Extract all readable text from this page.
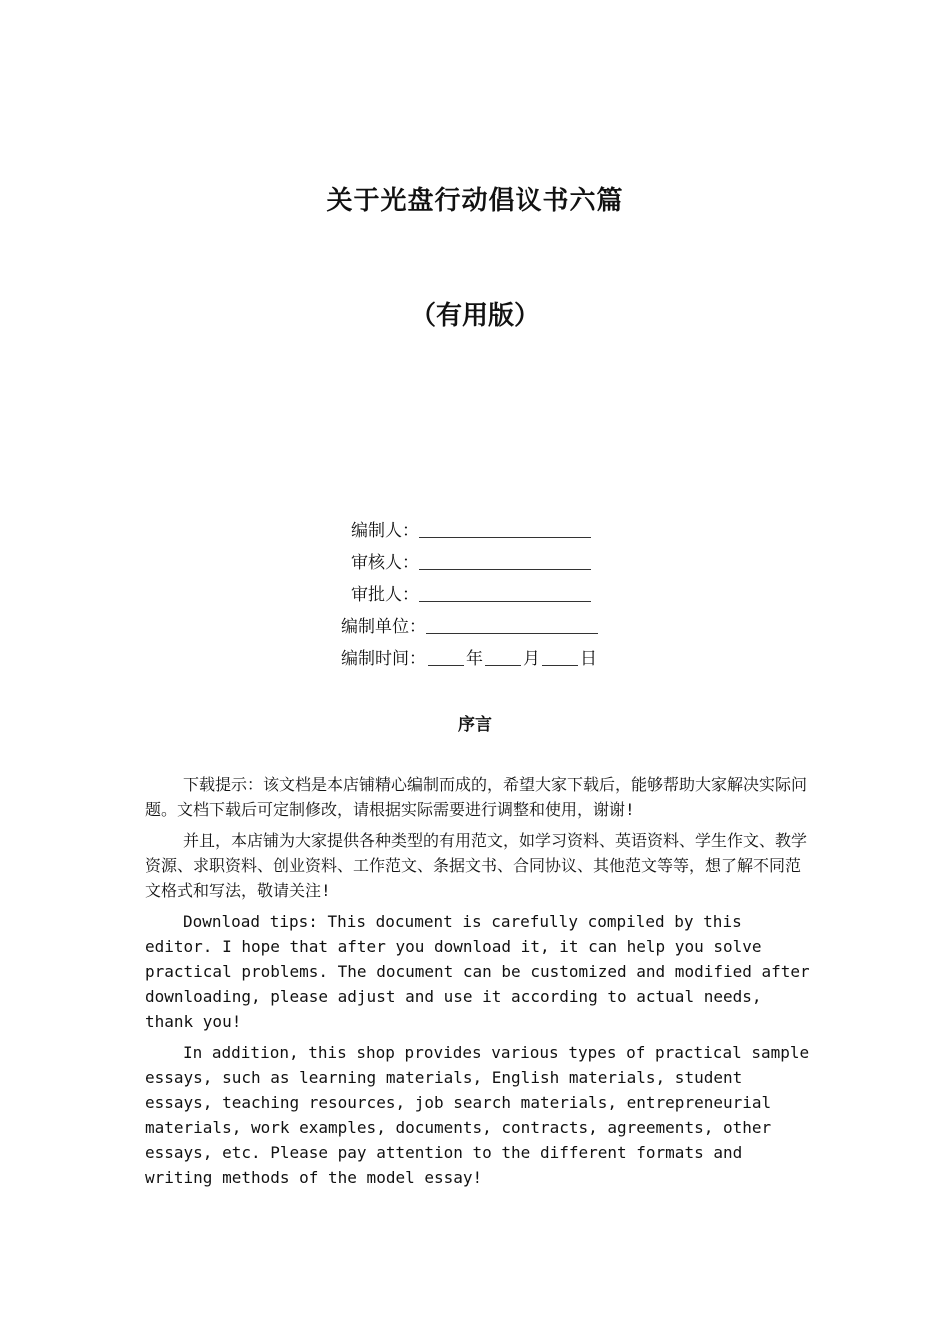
关于光盘行动倡议书六篇
（有用版）
编制人：
审核人：
审批人：
编制单位：
编制时间： 年 月 日
序言

下载提示：该文档是本店铺精心编制而成的，希望大家下载后，能够帮助大家解决实际问题。文档下载后可定制修改，请根据实际需要进行调整和使用，谢谢!

并且，本店铺为大家提供各种类型的有用范文，如学习资料、英语资料、学生作文、教学资源、求职资料、创业资料、工作范文、条据文书、合同协议、其他范文等等，想了解不同范文格式和写法，敬请关注!

Download tips: This document is carefully compiled by this editor. I hope that after you download it, it can help you solve practical problems. The document can be customized and modified after downloading, please adjust and use it according to actual needs, thank you!

In addition, this shop provides various types of practical sample essays, such as learning materials, English materials, student essays, teaching resources, job search materials, entrepreneurial materials, work examples, documents, contracts, agreements, other essays, etc. Please pay attention to the different formats and writing methods of the model essay!
